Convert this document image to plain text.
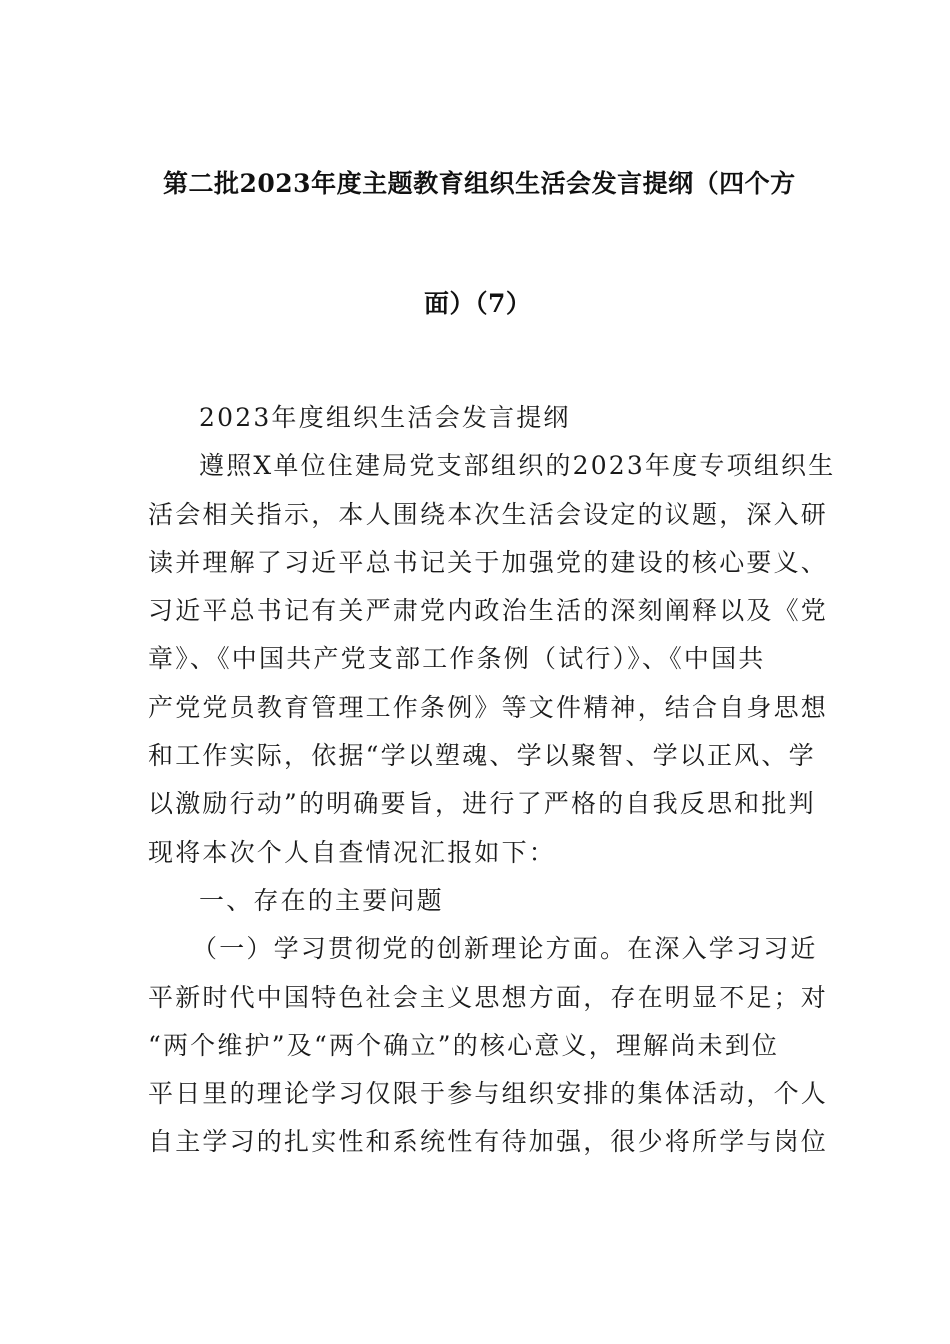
第二批2023年度主题教育组织生活会发言提纲（四个方
面）（7）
2023年度组织生活会发言提纲
遵照X单位住建局党支部组织的2023年度专项组织生
活会相关指示，本人围绕本次生活会设定的议题，深入研
读并理解了习近平总书记关于加强党的建设的核心要义、
习近平总书记有关严肃党内政治生活的深刻阐释以及《党
章》、《中国共产党支部工作条例（试行）》、《中国共
产党党员教育管理工作条例》等文件精神，结合自身思想
和工作实际，依据“学以塑魂、学以聚智、学以正风、学
以激励行动”的明确要旨，进行了严格的自我反思和批判
现将本次个人自查情况汇报如下：
一、存在的主要问题
（一）学习贯彻党的创新理论方面。在深入学习习近
平新时代中国特色社会主义思想方面，存在明显不足；对
“两个维护”及“两个确立”的核心意义，理解尚未到位
平日里的理论学习仅限于参与组织安排的集体活动，个人
自主学习的扎实性和系统性有待加强，很少将所学与岗位
